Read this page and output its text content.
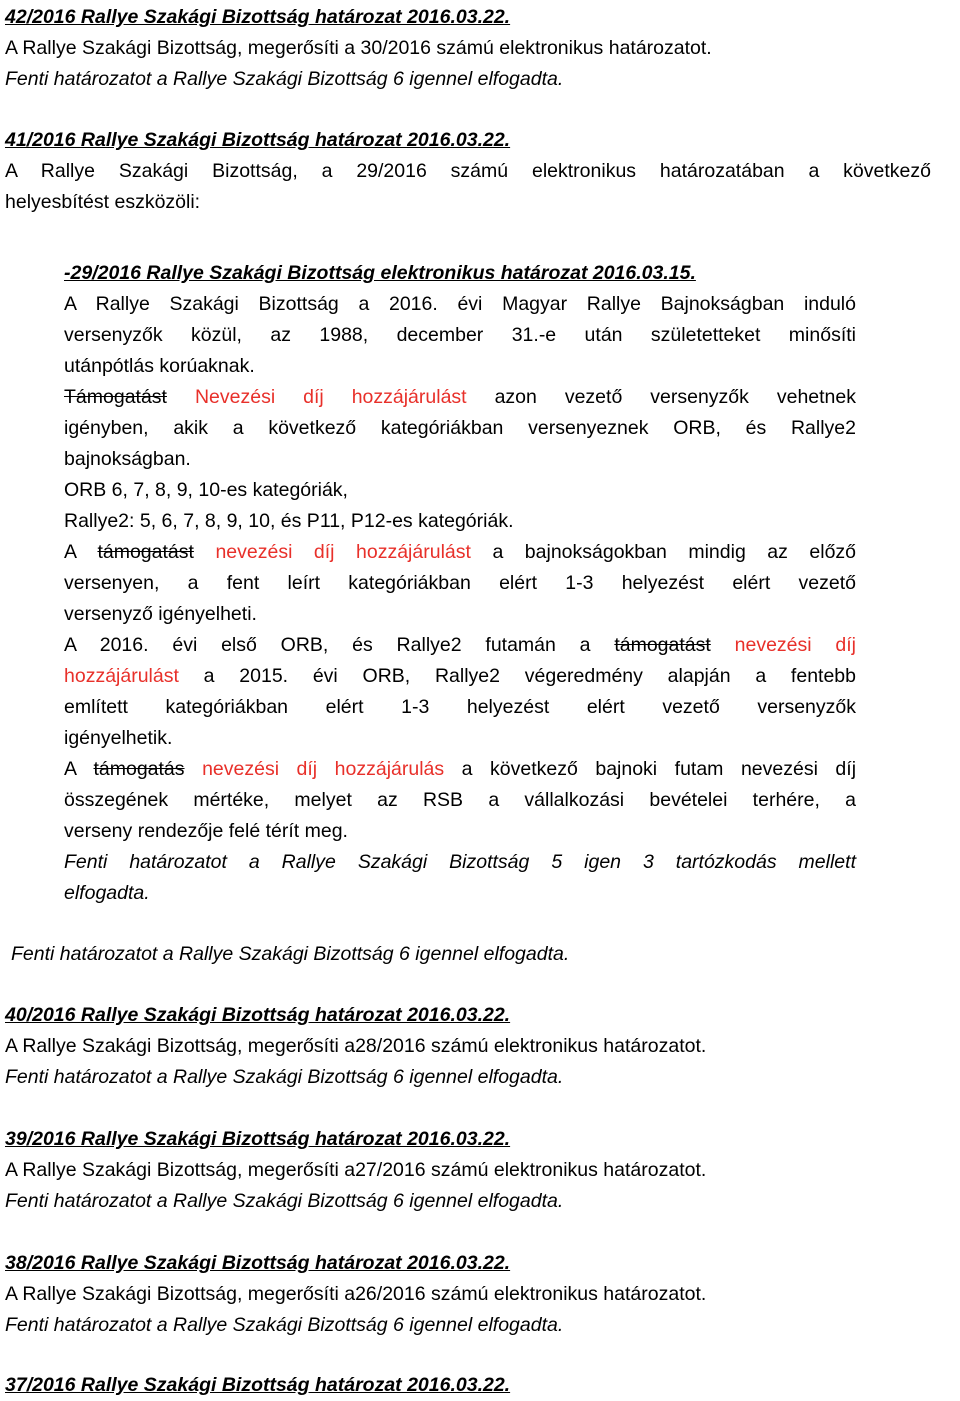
42/2016 Rallye Szakági Bizottság határozat 2016.03.22.
A Rallye Szakági Bizottság, megerősíti a 30/2016 számú elektronikus határozatot.
Fenti határozatot a Rallye Szakági Bizottság 6 igennel elfogadta.
41/2016 Rallye Szakági Bizottság határozat 2016.03.22.
A Rallye Szakági Bizottság, a 29/2016 számú elektronikus határozatában a következő
helyesbítést eszközöli:
-29/2016 Rallye Szakági Bizottság elektronikus határozat 2016.03.15.
A Rallye Szakági Bizottság a 2016. évi Magyar Rallye Bajnokságban induló
versenyzők közül, az 1988, december 31.-e után születetteket minősíti
utánpótlás korúaknak.
Támogatást Nevezési díj hozzájárulást azon vezető versenyzők vehetnek
igényben, akik a következő kategóriákban versenyeznek ORB, és Rallye2
bajnokságban.
ORB 6, 7, 8, 9, 10-es kategóriák,
Rallye2: 5, 6, 7, 8, 9, 10, és P11, P12-es kategóriák.
A támogatást nevezési díj hozzájárulást a bajnokságokban mindig az előző
versenyen, a fent leírt kategóriákban elért 1-3 helyezést elért vezető
versenyző igényelheti.
A 2016. évi első ORB, és Rallye2 futamán a támogatást nevezési díj
hozzájárulást a 2015. évi ORB, Rallye2 végeredmény alapján a fentebb
említett kategóriákban elért 1-3 helyezést elért vezető versenyzők
igényelhetik.
A támogatás nevezési díj hozzájárulás a következő bajnoki futam nevezési díj
összegének mértéke, melyet az RSB a vállalkozási bevételei terhére, a
verseny rendezője felé térít meg.
Fenti határozatot a Rallye Szakági Bizottság 5 igen 3 tartózkodás mellett
elfogadta.
Fenti határozatot a Rallye Szakági Bizottság 6 igennel elfogadta.
40/2016 Rallye Szakági Bizottság határozat 2016.03.22.
A Rallye Szakági Bizottság, megerősíti a28/2016 számú elektronikus határozatot.
Fenti határozatot a Rallye Szakági Bizottság 6 igennel elfogadta.
39/2016 Rallye Szakági Bizottság határozat 2016.03.22.
A Rallye Szakági Bizottság, megerősíti a27/2016 számú elektronikus határozatot.
Fenti határozatot a Rallye Szakági Bizottság 6 igennel elfogadta.
38/2016 Rallye Szakági Bizottság határozat 2016.03.22.
A Rallye Szakági Bizottság, megerősíti a26/2016 számú elektronikus határozatot.
Fenti határozatot a Rallye Szakági Bizottság 6 igennel elfogadta.
37/2016 Rallye Szakági Bizottság határozat 2016.03.22.
